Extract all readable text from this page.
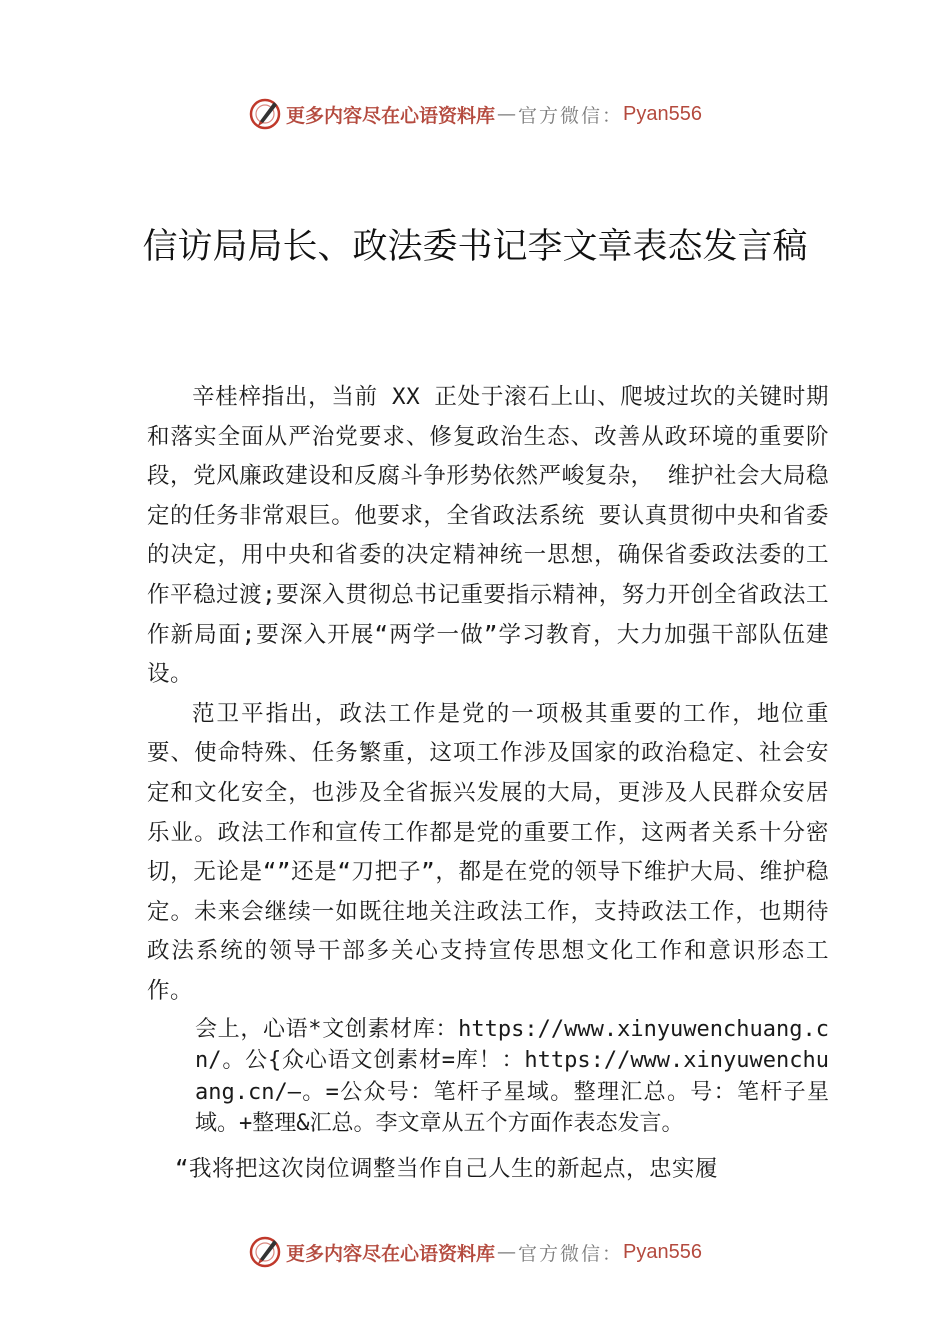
更多内容尽在心语资料库 — 官方微信： Pyan556
信访局局长、政法委书记李文章表态发言稿

辛桂梓指出，当前 XX 正处于滚石上山、爬坡过坎的关键时期和落实全面从严治党要求、修复政治生态、改善从政环境的重要阶段，党风廉政建设和反腐斗争形势依然严峻复杂， 维护社会大局稳定的任务非常艰巨。他要求，全省政法系统 要认真贯彻中央和省委的决定，用中央和省委的决定精神统一思想，确保省委政法委的工作平稳过渡;要深入贯彻总书记重要指示精神，努力开创全省政法工作新局面;要深入开展“两学一做”学习教育，大力加强干部队伍建设。

范卫平指出，政法工作是党的一项极其重要的工作，地位重要、使命特殊、任务繁重，这项工作涉及国家的政治稳定、社会安定和文化安全，也涉及全省振兴发展的大局，更涉及人民群众安居乐业。政法工作和宣传工作都是党的重要工作，这两者关系十分密切，无论是“”还是“刀把子”，都是在党的领导下维护大局、维护稳定。未来会继续一如既往地关注政法工作，支持政法工作，也期待政法系统的领导干部多关心支持宣传思想文化工作和意识形态工作。

会上，心语*文创素材库：https://www.xinyuwenchuang.cn/。公{众心语文创素材=库！：https://www.xinyuwenchuang.cn/—。=公众号：笔杆子星域。整理汇总。号：笔杆子星域。+整理&汇总。李文章从五个方面作表态发言。

“我将把这次岗位调整当作自己人生的新起点，忠实履

更多内容尽在心语资料库 — 官方微信： Pyan556
